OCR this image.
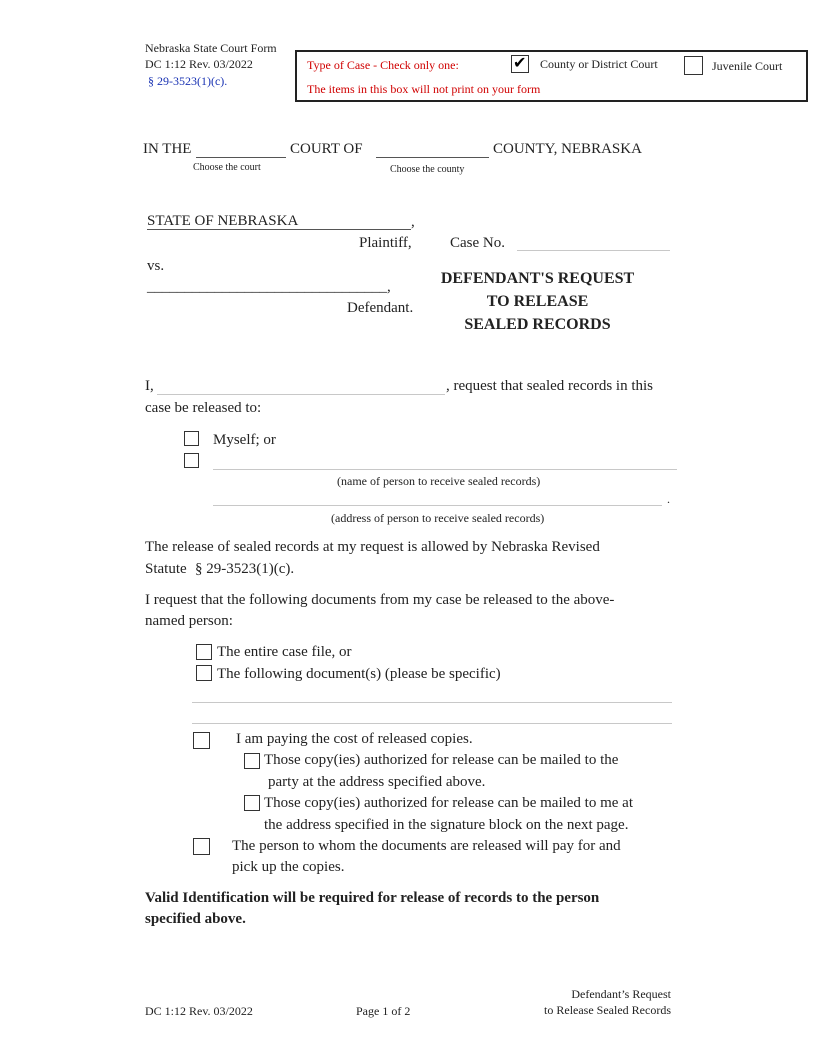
Nebraska State Court Form
DC 1:12 Rev. 03/2022
§ 29-3523(1)(c).
Type of Case - Check only one:
✔	County or District Court	Juvenile Court
The items in this box will not print on your form
IN THE	COURT OF	COUNTY, NEBRASKA
Choose the court	Choose the county
STATE OF NEBRASKA	,
Plaintiff,	Case No.
vs.
________________________________,
Defendant.
DEFENDANT'S REQUEST
TO RELEASE
SEALED RECORDS
I,	, request that sealed records in this
case be released to:
Myself; or
(name of person to receive sealed records)
.
(address of person to receive sealed records)
The release of sealed records at my request is allowed by Nebraska Revised
Statute § 29-3523(1)(c).
I request that the following documents from my case be released to the above-
named person:
The entire case file, or
The following document(s) (please be specific)
I am paying the cost of released copies.
Those copy(ies) authorized for release can be mailed to the
party at the address specified above.
Those copy(ies) authorized for release can be mailed to me at
the address specified in the signature block on the next page.
The person to whom the documents are released will pay for and
pick up the copies.
Valid Identification will be required for release of records to the person
specified above.
DC 1:12 Rev. 03/2022	Page 1 of 2
Defendant’s Request
to Release Sealed Records
